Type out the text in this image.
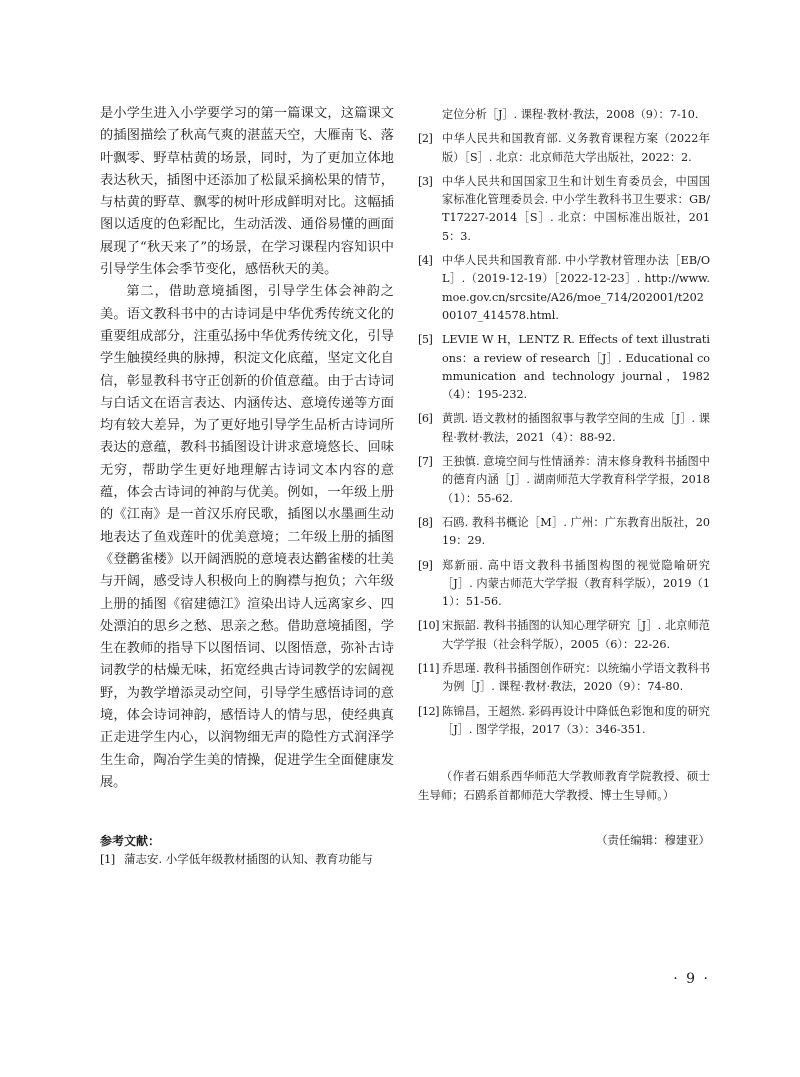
是小学生进入小学要学习的第一篇课文，这篇课文的插图描绘了秋高气爽的湛蓝天空，大雁南飞、落叶飘零、野草枯黄的场景，同时，为了更加立体地表达秋天，插图中还添加了松鼠采摘松果的情节，与枯黄的野草、飘零的树叶形成鲜明对比。这幅插图以适度的色彩配比，生动活泼、通俗易懂的画面展现了“秋天来了”的场景，在学习课程内容知识中引导学生体会季节变化，感悟秋天的美。

第二，借助意境插图，引导学生体会神韵之美。语文教科书中的古诗词是中华优秀传统文化的重要组成部分，注重弘扬中华优秀传统文化，引导学生触摸经典的脉搏，积淀文化底蕴，坚定文化自信，彰显教科书守正创新的价值意蕴。由于古诗词与白话文在语言表达、内涵传达、意境传递等方面均有较大差异，为了更好地引导学生品析古诗词所表达的意蕴，教科书插图设计讲求意境悠长、回味无穷，帮助学生更好地理解古诗词文本内容的意蕴，体会古诗词的神韵与优美。例如，一年级上册的《江南》是一首汉乐府民歌，插图以水墨画生动地表达了鱼戏莲叶的优美意境；二年级上册的插图《登鹳雀楼》以开阔洒脱的意境表达鹳雀楼的壮美与开阔，感受诗人积极向上的胸襟与抱负；六年级上册的插图《宿建德江》渲染出诗人远离家乡、四处漂泊的思乡之愁、思亲之愁。借助意境插图，学生在教师的指导下以图悟词、以图悟意，弥补古诗词教学的枯燥无味，拓宽经典古诗词教学的宏阔视野，为教学增添灵动空间，引导学生感悟诗词的意境，体会诗词神韵，感悟诗人的情与思，使经典真正走进学生内心，以润物细无声的隐性方式润泽学生生命，陶冶学生美的情操，促进学生全面健康发展。

参考文献：
[1] 蒲志安. 小学低年级教材插图的认知、教育功能与
定位分析［J］. 课程·教材·教法，2008（9）：7-10.
[2] 中华人民共和国教育部. 义务教育课程方案（2022年版）［S］. 北京：北京师范大学出版社，2022：2.
[3] 中华人民共和国国家卫生和计划生育委员会，中国国家标准化管理委员会. 中小学生教科书卫生要求：GB/T17227-2014［S］. 北京：中国标准出版社，2015：3.
[4] 中华人民共和国教育部. 中小学教材管理办法［EB/OL］.（2019-12-19）［2022-12-23］. http://www.moe.gov.cn/srcsite/A26/moe_714/202001/t20200107_414578.html.
[5] LEVIE W H，LENTZ R. Effects of text illustrations：a review of research［J］. Educational communication and technology journal，1982（4）：195-232.
[6] 黄凯. 语文教材的插图叙事与教学空间的生成［J］. 课程·教材·教法，2021（4）：88-92.
[7] 王独慎. 意境空间与性情涵养：清末修身教科书插图中的德育内涵［J］. 湖南师范大学教育科学学报，2018（1）：55-62.
[8] 石鸥. 教科书概论［M］. 广州：广东教育出版社，2019：29.
[9] 郑新丽. 高中语文教科书插图构图的视觉隐喻研究［J］. 内蒙古师范大学学报（教育科学版），2019（11）：51-56.
[10] 宋振韶. 教科书插图的认知心理学研究［J］. 北京师范大学学报（社会科学版），2005（6）：22-26.
[11] 乔思瑾. 教科书插图创作研究：以统编小学语文教科书为例［J］. 课程·教材·教法，2020（9）：74-80.
[12] 陈锦昌，王超然. 彩码再设计中降低色彩饱和度的研究［J］. 图学学报，2017（3）：346-351.
（作者石娟系西华师范大学教师教育学院教授、硕士生导师；石鸥系首都师范大学教授、博士生导师。）
（责任编辑：穆建亚）
· 9 ·
